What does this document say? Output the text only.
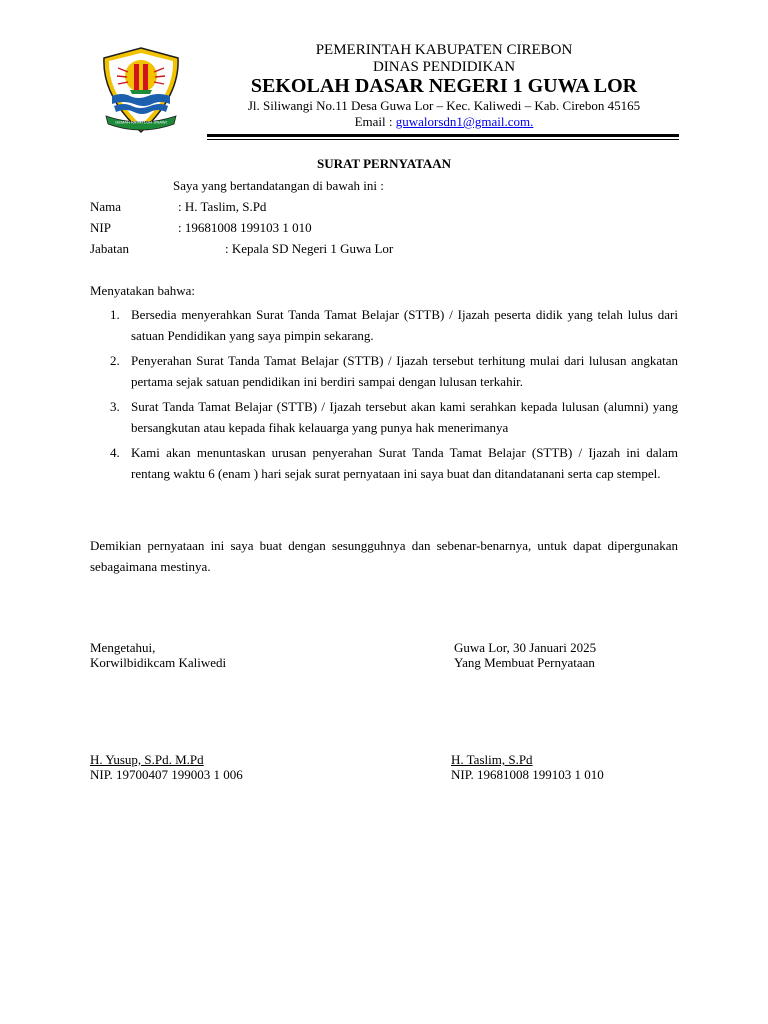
GEMAH RIPAH LOH JINAWI
PEMERINTAH KABUPATEN CIREBON
DINAS PENDIDIKAN
SEKOLAH DASAR NEGERI 1 GUWA LOR
Jl. Siliwangi No.11 Desa Guwa Lor – Kec. Kaliwedi – Kab. Cirebon 45165
Email : guwalorsdn1@gmail.com.
SURAT PERNYATAAN
Saya yang bertandatangan di bawah ini :
Nama	: H. Taslim, S.Pd
NIP	: 19681008 199103 1 010
Jabatan	: Kepala SD Negeri 1 Guwa Lor
Menyatakan bahwa:
1. Bersedia menyerahkan Surat Tanda Tamat Belajar (STTB) / Ijazah peserta didik yang telah lulus dari satuan Pendidikan yang saya pimpin sekarang.
2. Penyerahan Surat Tanda Tamat Belajar (STTB) / Ijazah tersebut terhitung mulai dari lulusan angkatan pertama sejak satuan pendidikan ini berdiri sampai dengan lulusan terkahir.
3. Surat Tanda Tamat Belajar (STTB) / Ijazah tersebut akan kami serahkan kepada lulusan (alumni) yang bersangkutan atau kepada fihak kelauarga yang punya hak menerimanya
4. Kami akan menuntaskan urusan penyerahan Surat Tanda Tamat Belajar (STTB) / Ijazah ini dalam rentang waktu 6 (enam ) hari sejak surat pernyataan ini saya buat dan ditandatanani serta cap stempel.
Demikian pernyataan ini saya buat dengan sesungguhnya dan sebenar-benarnya, untuk dapat dipergunakan sebagaimana mestinya.
Mengetahui,
Korwilbidikcam Kaliwedi
Guwa Lor, 30 Januari 2025
Yang Membuat Pernyataan
H. Yusup, S.Pd. M.Pd
NIP. 19700407 199003 1 006
H. Taslim, S.Pd
NIP. 19681008 199103 1 010
